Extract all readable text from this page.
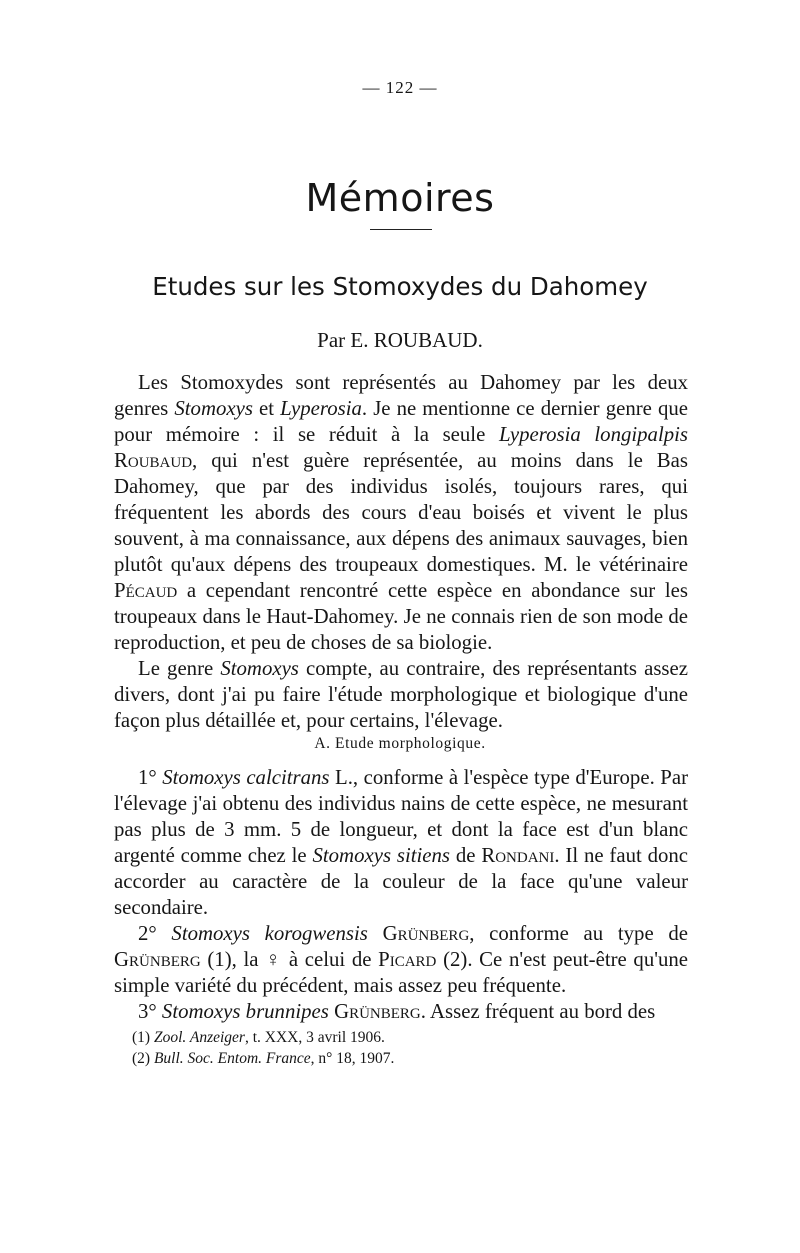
— 122 —
Mémoires
Etudes sur les Stomoxydes du Dahomey
Par E. ROUBAUD.

Les Stomoxydes sont représentés au Dahomey par les deux genres Stomoxys et Lyperosia. Je ne mentionne ce dernier genre que pour mémoire : il se réduit à la seule Lyperosia longipalpis Roubaud, qui n'est guère représentée, au moins dans le Bas Dahomey, que par des individus isolés, toujours rares, qui fréquentent les abords des cours d'eau boisés et vivent le plus souvent, à ma connaissance, aux dépens des animaux sauvages, bien plutôt qu'aux dépens des troupeaux domestiques. M. le vétérinaire Pécaud a cependant rencontré cette espèce en abondance sur les troupeaux dans le Haut-Dahomey. Je ne connais rien de son mode de reproduction, et peu de choses de sa biologie.

Le genre Stomoxys compte, au contraire, des représentants assez divers, dont j'ai pu faire l'étude morphologique et biologique d'une façon plus détaillée et, pour certains, l'élevage.

A. Etude morphologique.

1° Stomoxys calcitrans L., conforme à l'espèce type d'Europe. Par l'élevage j'ai obtenu des individus nains de cette espèce, ne mesurant pas plus de 3 mm. 5 de longueur, et dont la face est d'un blanc argenté comme chez le Stomoxys sitiens de Rondani. Il ne faut donc accorder au caractère de la couleur de la face qu'une valeur secondaire.

2° Stomoxys korogwensis Grünberg, conforme au type de Grünberg (1), la ♀ à celui de Picard (2). Ce n'est peut-être qu'une simple variété du précédent, mais assez peu fréquente.

3° Stomoxys brunnipes Grünberg. Assez fréquent au bord des

(1) Zool. Anzeiger, t. XXX, 3 avril 1906.
(2) Bull. Soc. Entom. France, n° 18, 1907.
